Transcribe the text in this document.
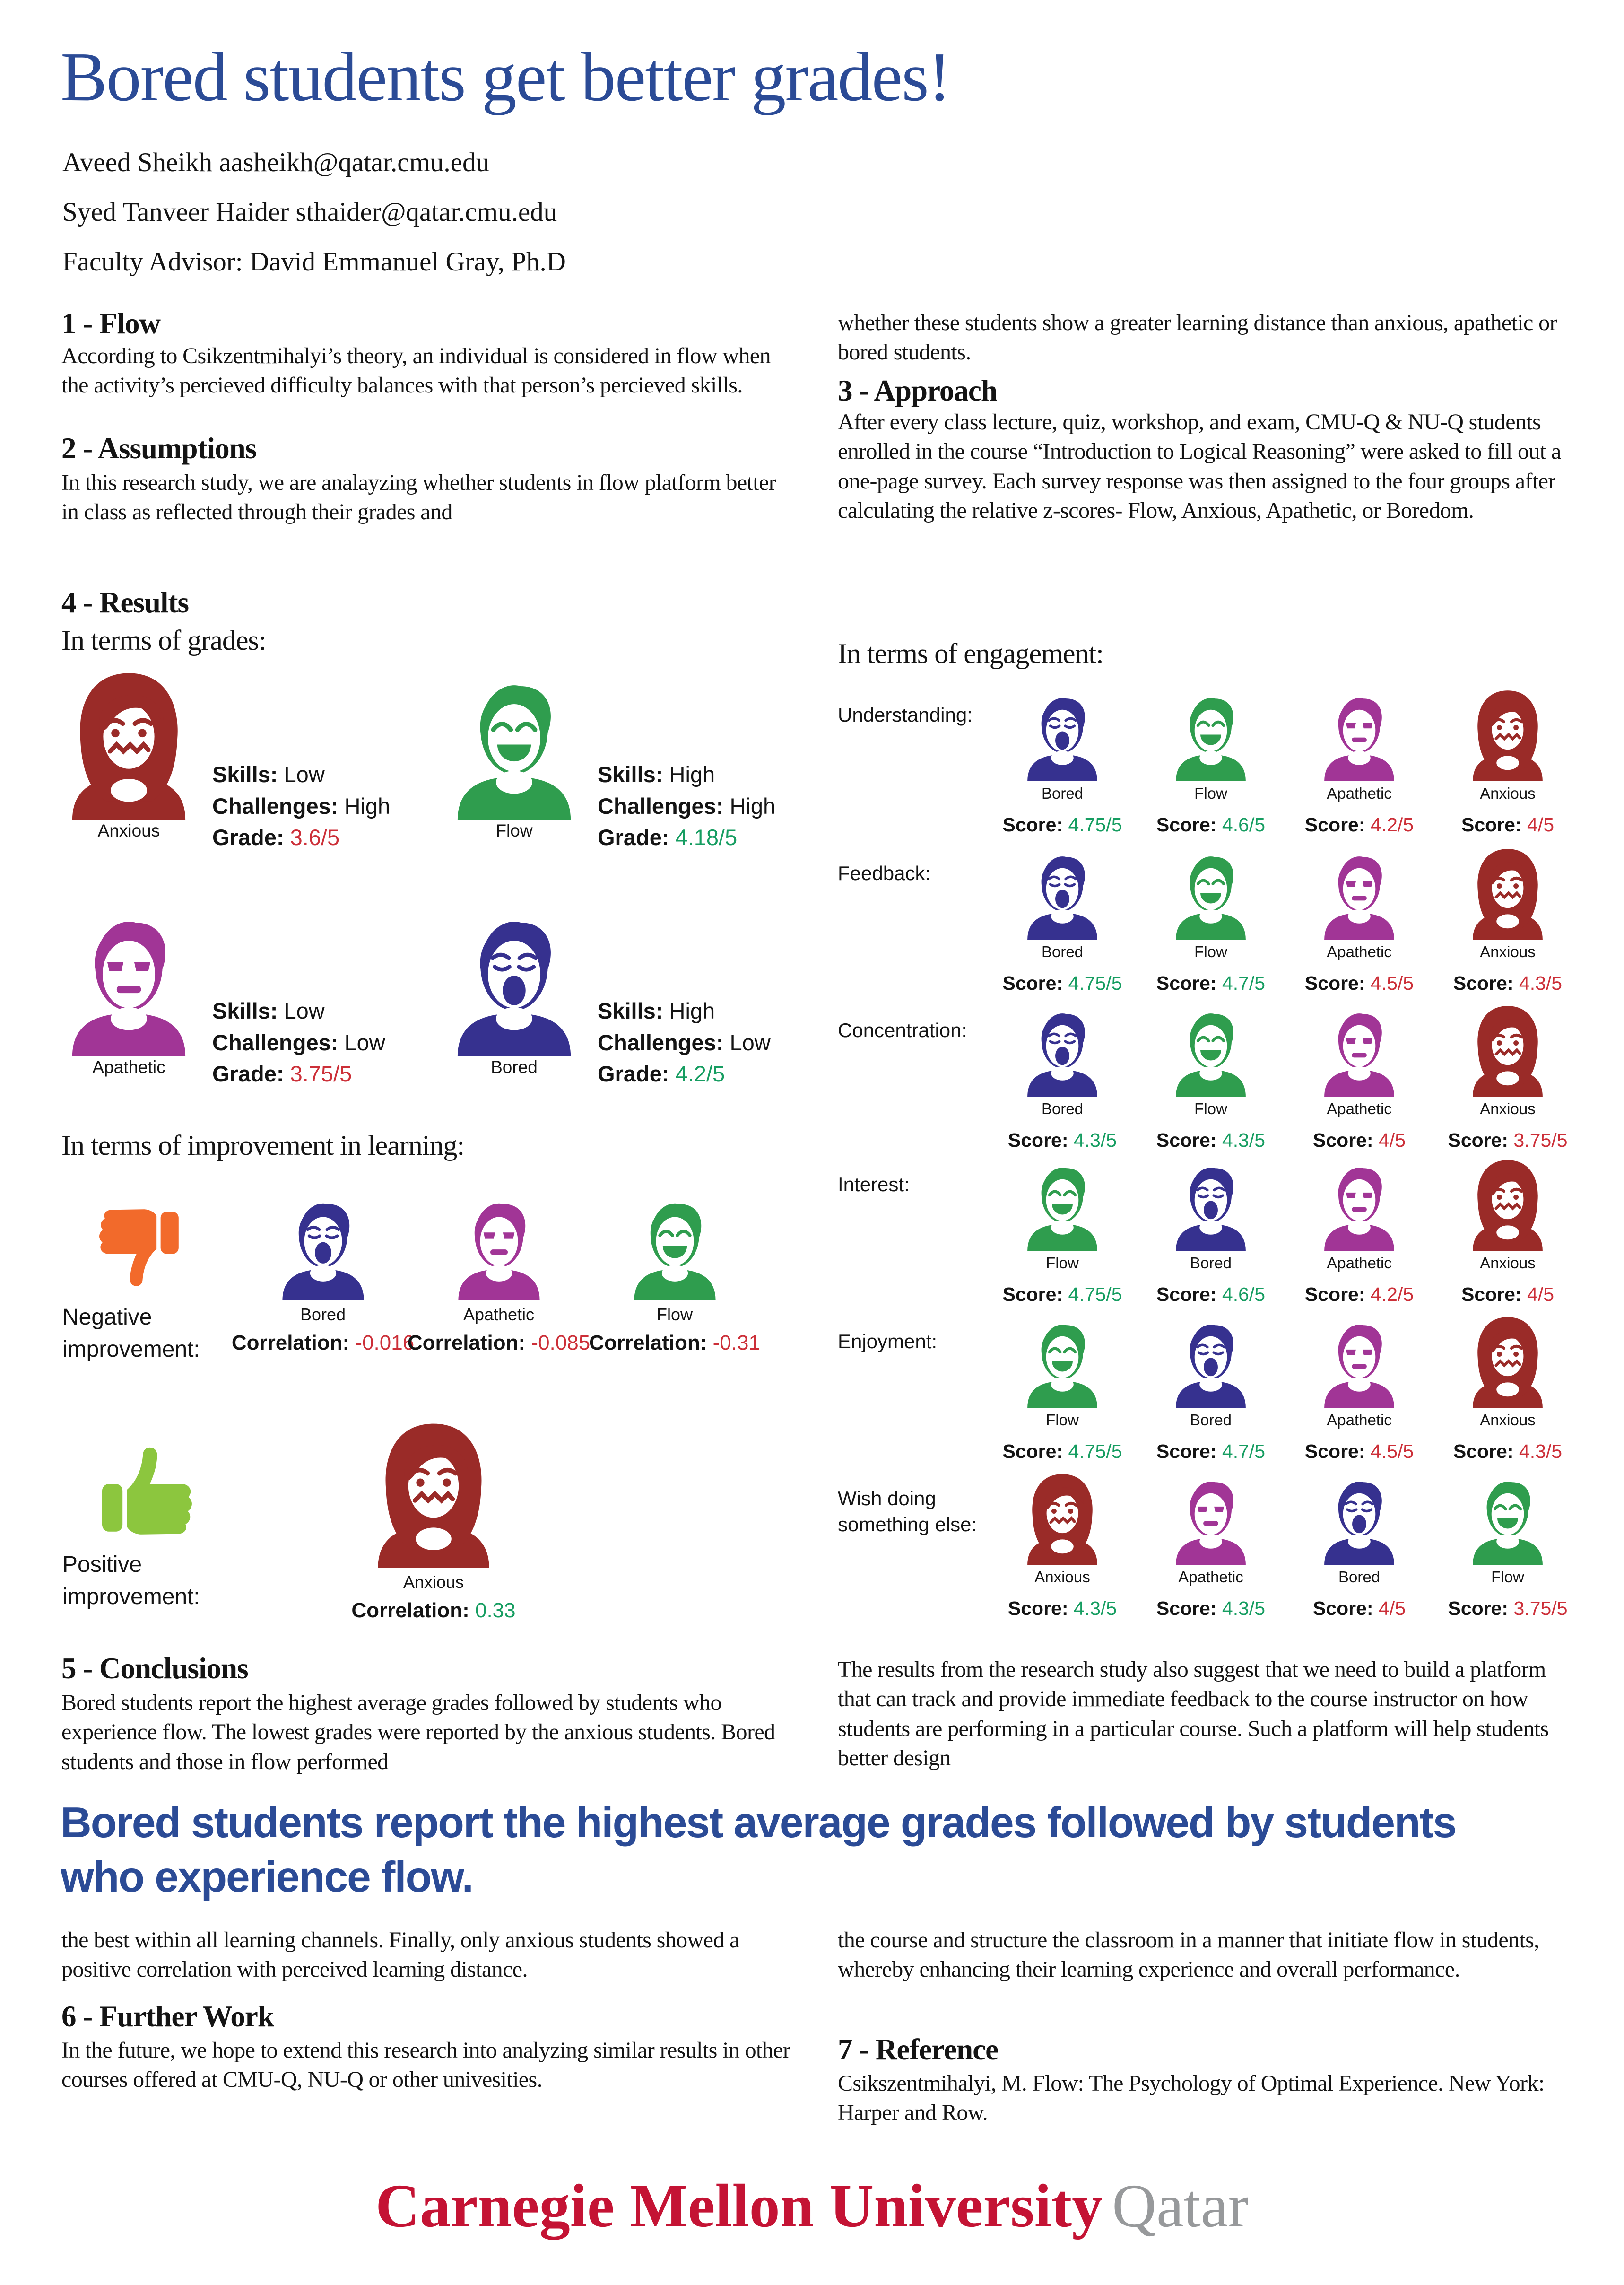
Bored students get better grades!
Aveed Sheikh aasheikh@qatar.cmu.edu
Syed Tanveer Haider sthaider@qatar.cmu.edu
Faculty Advisor: David Emmanuel Gray, Ph.D
1 - Flow
According to Csikzentmihalyi’s theory, an individual is considered in flow when the activity’s percieved difficulty balances with that person’s percieved skills.
2 - Assumptions
In this research study, we are analayzing whether students in flow platform better in class as reflected through their grades and
whether these students show a greater learning distance than anxious, apathetic or bored students.
3 - Approach
After every class lecture, quiz, workshop, and exam, CMU-Q & NU-Q students enrolled in the course “Introduction to Logical Reasoning” were asked to fill out a one-page survey. Each survey response was then assigned to the four groups after calculating the relative z-scores- Flow, Anxious, Apathetic, or Boredom.
4 - Results
In terms of grades:
Anxious
Skills: Low
Challenges: High
Grade: 3.6/5	Flow
Skills: High
Challenges: High
Grade: 4.18/5
Apathetic
Skills: Low
Challenges: Low
Grade: 3.75/5	Bored
Skills: High
Challenges: Low
Grade: 4.2/5
In terms of improvement in learning:
Negative improvement:
Bored
Correlation: -0.016
Apathetic
Correlation: -0.085
Flow
Correlation: -0.31
Positive improvement:
Anxious
Correlation: 0.33
In terms of engagement:
Understanding:
Bored
Score: 4.75/5
Flow
Score: 4.6/5
Apathetic
Score: 4.2/5
Anxious
Score: 4/5
Feedback:
Bored
Score: 4.75/5
Flow
Score: 4.7/5
Apathetic
Score: 4.5/5
Anxious
Score: 4.3/5
Concentration:
Bored
Score: 4.3/5
Flow
Score: 4.3/5
Apathetic
Score: 4/5
Anxious
Score: 3.75/5
Interest:
Flow
Score: 4.75/5
Bored
Score: 4.6/5
Apathetic
Score: 4.2/5
Anxious
Score: 4/5
Enjoyment:
Flow
Score: 4.75/5
Bored
Score: 4.7/5
Apathetic
Score: 4.5/5
Anxious
Score: 4.3/5
Wish doing something else:
Anxious
Score: 4.3/5
Apathetic
Score: 4.3/5
Bored
Score: 4/5
Flow
Score: 3.75/5
5 - Conclusions
Bored students report the highest average grades followed by students who experience flow. The lowest grades were reported by the anxious students. Bored students and those in flow performed
The results from the research study also suggest that we need to build a platform that can track and provide immediate feedback to the course instructor on how students are performing in a particular course. Such a platform will help students better design
Bored students report the highest average grades followed by students who experience flow.
the best within all learning channels. Finally, only anxious students showed a positive correlation with perceived learning distance.
6 - Further Work
In the future, we hope to extend this research into analyzing similar results in other courses offered at CMU-Q, NU-Q or other univesities.
the course and structure the classroom in a manner that initiate flow in students, whereby enhancing their learning experience and overall performance.
7 - Reference
Csikszentmihalyi, M. Flow: The Psychology of Optimal Experience. New York: Harper and Row.
Carnegie Mellon University Qatar
